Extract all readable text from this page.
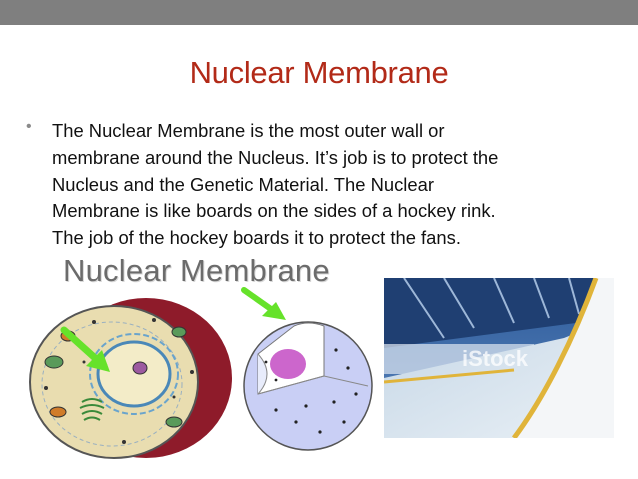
Nuclear Membrane
• The Nuclear Membrane is the most outer wall or
membrane around the Nucleus. It’s job is to protect the
Nucleus and the Genetic Material. The Nuclear
Membrane is like boards on the sides of a hockey rink.
The job of the hockey boards it to protect the fans.

Nuclear Membrane
iStock
